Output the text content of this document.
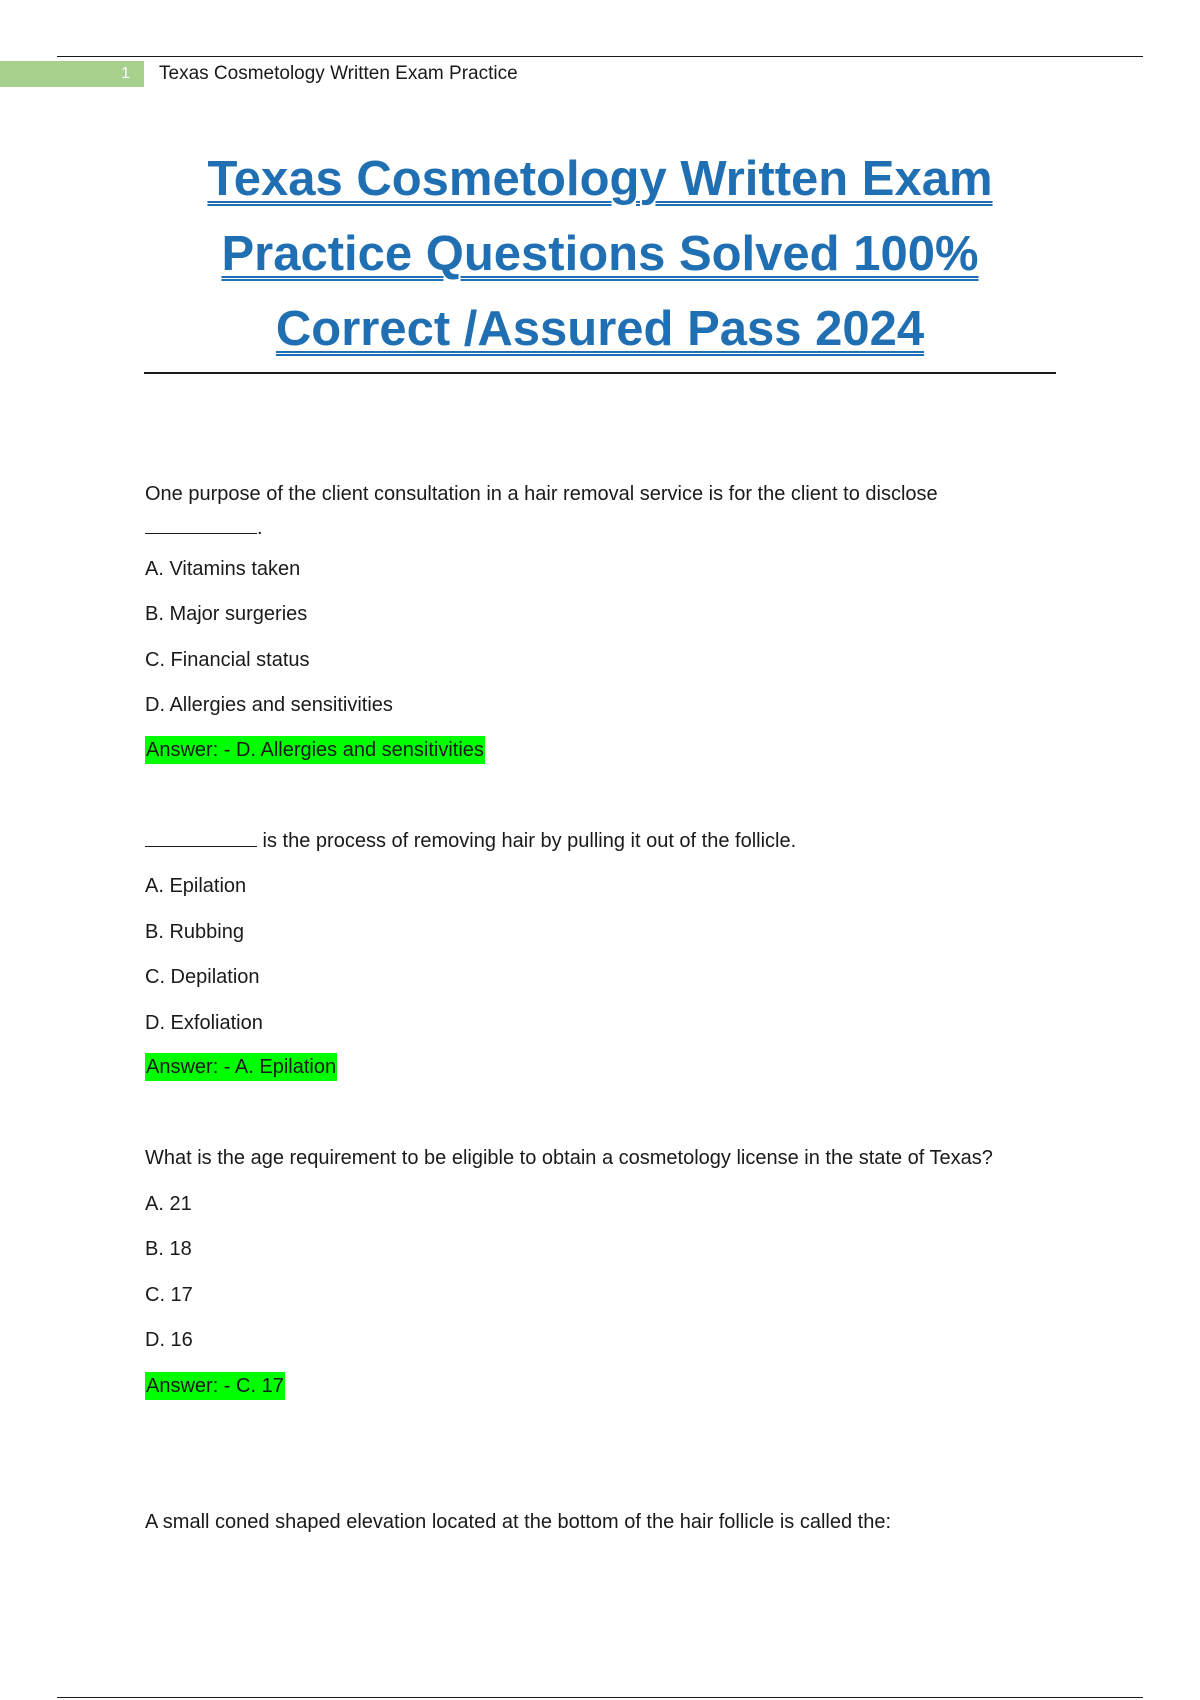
1	Texas Cosmetology Written Exam Practice
Texas Cosmetology Written Exam
Practice Questions Solved 100%
Correct /Assured Pass 2024
One purpose of the client consultation in a hair removal service is for the client to disclose
.
A. Vitamins taken
B. Major surgeries
C. Financial status
D. Allergies and sensitivities
Answer: - D. Allergies and sensitivities
is the process of removing hair by pulling it out of the follicle.
A. Epilation
B. Rubbing
C. Depilation
D. Exfoliation
Answer: - A. Epilation
What is the age requirement to be eligible to obtain a cosmetology license in the state of Texas?
A. 21
B. 18
C. 17
D. 16
Answer: - C. 17
A small coned shaped elevation located at the bottom of the hair follicle is called the:
